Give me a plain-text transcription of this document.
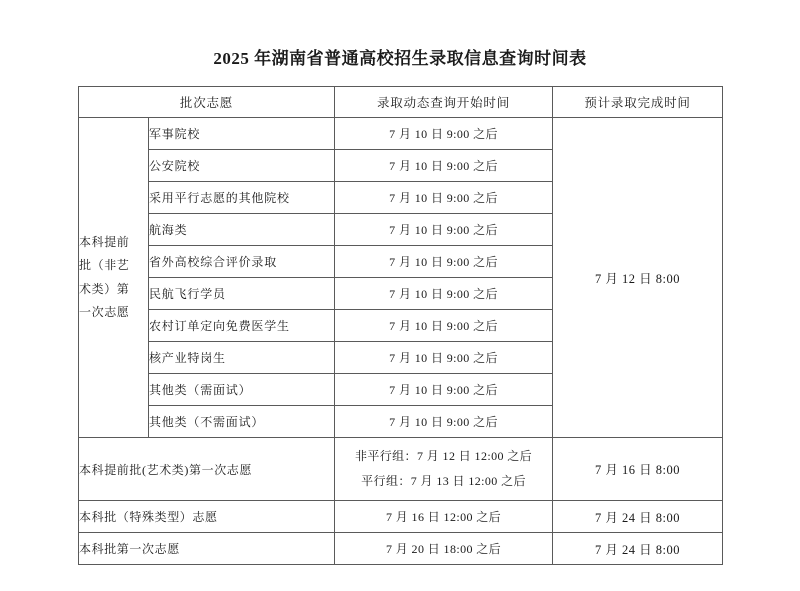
2025 年湖南省普通高校招生录取信息查询时间表
批次志愿		录取动态查询开始时间	预计录取完成时间

本科提前
批（非艺
术类）第
一次志愿	军事院校	7 月 10 日 9:00 之后	7 月 12 日 8:00
	公安院校	7 月 10 日 9:00 之后	
	采用平行志愿的其他院校	7 月 10 日 9:00 之后	
	航海类	7 月 10 日 9:00 之后	
	省外高校综合评价录取	7 月 10 日 9:00 之后	
	民航飞行学员	7 月 10 日 9:00 之后	
	农村订单定向免费医学生	7 月 10 日 9:00 之后	
	核产业特岗生	7 月 10 日 9:00 之后	
	其他类（需面试）	7 月 10 日 9:00 之后	
	其他类（不需面试）	7 月 10 日 9:00 之后	
本科提前批(艺术类)第一次志愿		非平行组：7 月 12 日 12:00 之后
平行组：7 月 13 日 12:00 之后	7 月 16 日 8:00
本科批（特殊类型）志愿		7 月 16 日 12:00 之后	7 月 24 日 8:00
本科批第一次志愿		7 月 20 日 18:00 之后	7 月 24 日 8:00
